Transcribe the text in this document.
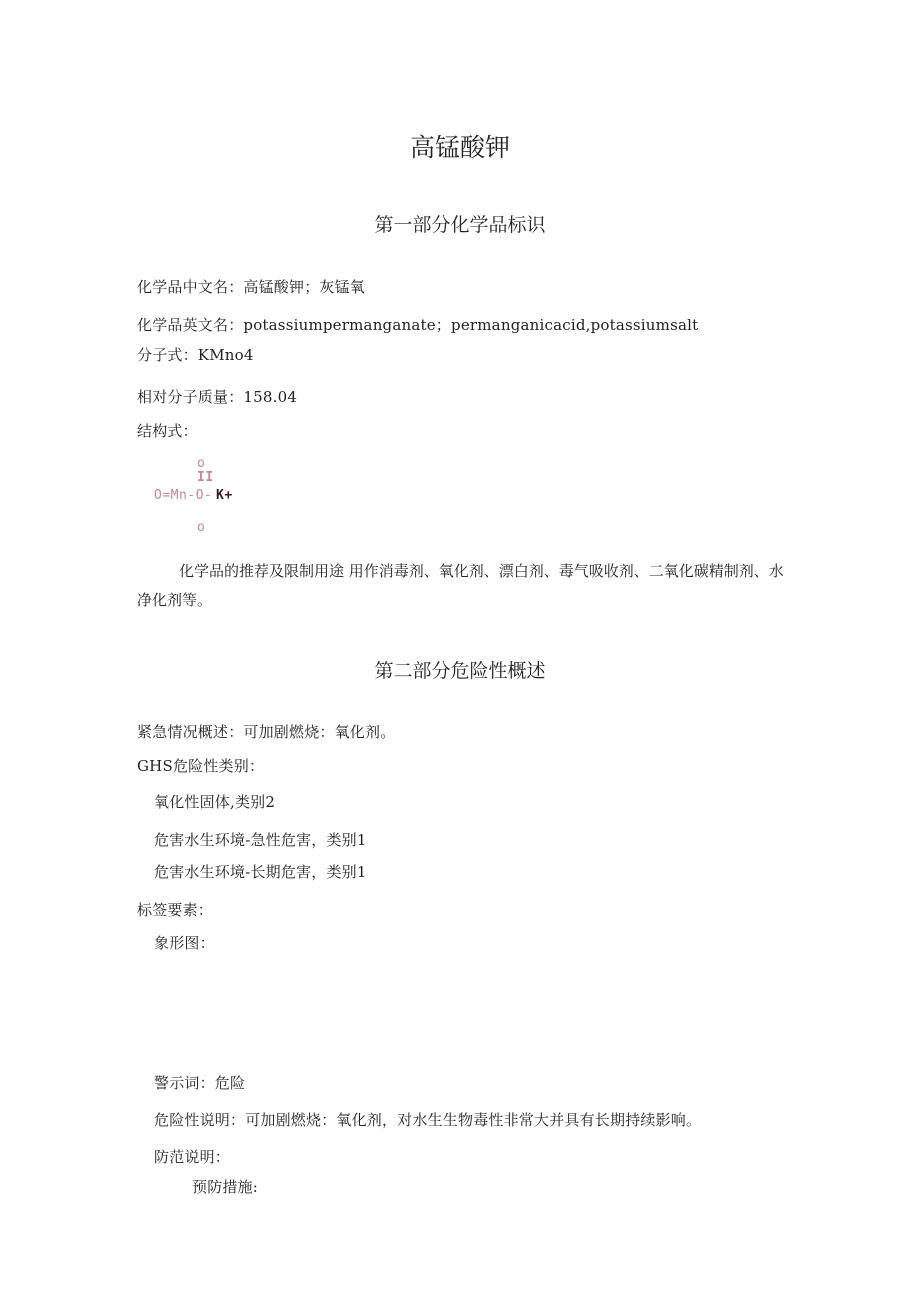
高锰酸钾
第一部分化学品标识
化学品中文名：高锰酸钾；灰锰氧
化学品英文名：potassiumpermanganate；permanganicacid,potassiumsalt
分子式：KMno4
相对分子质量：158.04
结构式：
o
II
O=Mn-O- K+
o
化学品的推荐及限制用途 用作消毒剂、氧化剂、漂白剂、毒气吸收剂、二氧化碳精制剂、水净化剂等。
第二部分危险性概述
紧急情况概述：可加剧燃烧：氧化剂。
GHS危险性类别：
氧化性固体,类别2
危害水生环境-急性危害，类别1
危害水生环境-长期危害，类别1
标签要素：
象形图：
警示词：危险
危险性说明：可加剧燃烧：氧化剂，对水生生物毒性非常大并具有长期持续影响。
防范说明：
预防措施:
